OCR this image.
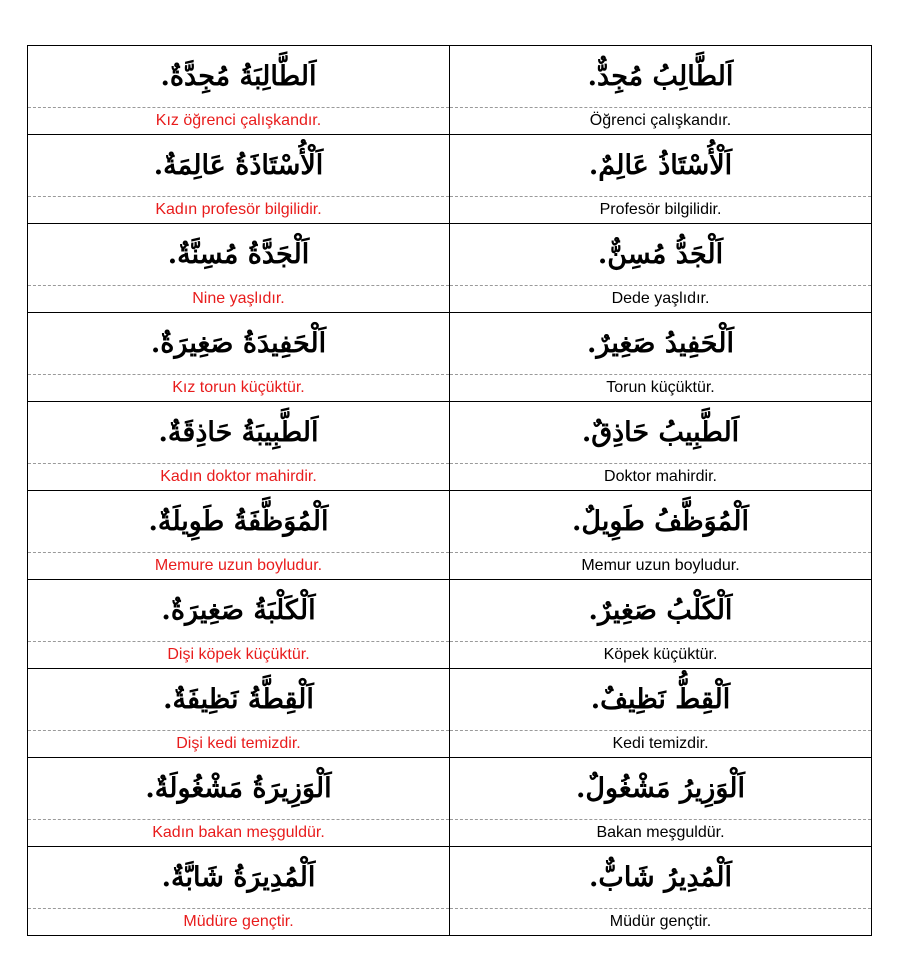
اَلطَّالِبَةُ مُجِدَّةٌ.	اَلطَّالِبُ مُجِدٌّ.
Kız öğrenci çalışkandır.	Öğrenci çalışkandır.
اَلْأُسْتَاذَةُ عَالِمَةٌ.	اَلْأُسْتَاذُ عَالِمٌ.
Kadın profesör bilgilidir.	Profesör bilgilidir.
اَلْجَدَّةُ مُسِنَّةٌ.	اَلْجَدُّ مُسِنٌّ.
Nine yaşlıdır.	Dede yaşlıdır.
اَلْحَفِيدَةُ صَغِيرَةٌ.	اَلْحَفِيدُ صَغِيرٌ.
Kız torun küçüktür.	Torun küçüktür.
اَلطَّبِيبَةُ حَاذِقَةٌ.	اَلطَّبِيبُ حَاذِقٌ.
Kadın doktor mahirdir.	Doktor mahirdir.
اَلْمُوَظَّفَةُ طَوِيلَةٌ.	اَلْمُوَظَّفُ طَوِيلٌ.
Memure uzun boyludur.	Memur uzun boyludur.
اَلْكَلْبَةُ صَغِيرَةٌ.	اَلْكَلْبُ صَغِيرٌ.
Dişi köpek küçüktür.	Köpek küçüktür.
اَلْقِطَّةُ نَظِيفَةٌ.	اَلْقِطُّ نَظِيفٌ.
Dişi kedi temizdir.	Kedi temizdir.
اَلْوَزِيرَةُ مَشْغُولَةٌ.	اَلْوَزِيرُ مَشْغُولٌ.
Kadın bakan meşguldür.	Bakan meşguldür.
اَلْمُدِيرَةُ شَابَّةٌ.	اَلْمُدِيرُ شَابٌّ.
Müdüre gençtir.	Müdür gençtir.
